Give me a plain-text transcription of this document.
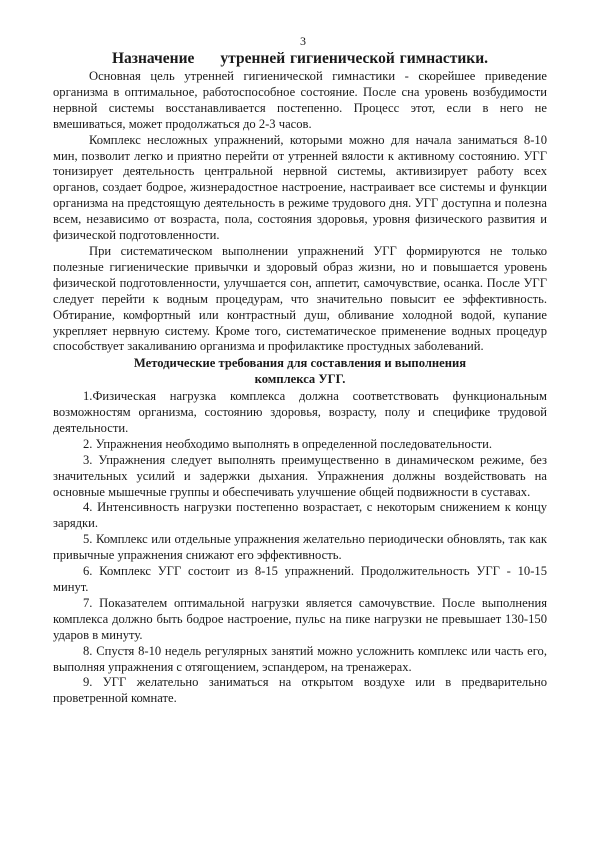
3
Назначение утренней гигиенической гимнастики.

Основная цель утренней гигиенической гимнастики - скорейшее приведение организма в оптимальное, работоспособное состояние. После сна уровень возбудимости нервной системы восстанавливается постепенно. Процесс этот, если в него не вмешиваться, может продолжаться до 2-3 часов.

Комплекс несложных упражнений, которыми можно для начала заниматься 8-10 мин, позволит легко и приятно перейти от утренней вялости к активному состоянию. УГГ тонизирует деятельность центральной нервной системы, активизирует работу всех органов, создает бодрое, жизнерадостное настроение, настраивает все системы и функции организма на предстоящую деятельность в режиме трудового дня. УГГ доступна и полезна всем, независимо от возраста, пола, состояния здоровья, уровня физического развития и физической подготовленности.

При систематическом выполнении упражнений УГГ формируются не только полезные гигиенические привычки и здоровый образ жизни, но и повышается уровень физической подготовленности, улучшается сон, аппетит, самочувствие, осанка. После УГГ следует перейти к водным процедурам, что значительно повысит ее эффективность. Обтирание, комфортный или контрастный душ, обливание холодной водой, купание укрепляет нервную систему. Кроме того, систематическое применение водных процедур способствует закаливанию организма и профилактике простудных заболеваний.

Методические требования для составления и выполнения
комплекса УГГ.

1.Физическая нагрузка комплекса должна соответствовать функциональным возможностям организма, состоянию здоровья, возрасту, полу и специфике трудовой деятельности.

2. Упражнения необходимо выполнять в определенной последовательности.

3. Упражнения следует выполнять преимущественно в динамическом режиме, без значительных усилий и задержки дыхания. Упражнения должны воздействовать на основные мышечные группы и обеспечивать улучшение общей подвижности в суставах.

4. Интенсивность нагрузки постепенно возрастает, с некоторым снижением к концу зарядки.

5. Комплекс или отдельные упражнения желательно периодически обновлять, так как привычные упражнения снижают его эффективность.

6. Комплекс УГГ состоит из 8-15 упражнений. Продолжительность УГГ - 10-15 минут.

7. Показателем оптимальной нагрузки является самочувствие. После выполнения комплекса должно быть бодрое настроение, пульс на пике нагрузки не превышает 130-150 ударов в минуту.

8. Спустя 8-10 недель регулярных занятий можно усложнить комплекс или часть его, выполняя упражнения с отягощением, эспандером, на тренажерах.

9. УГГ желательно заниматься на открытом воздухе или в предварительно проветренной комнате.
